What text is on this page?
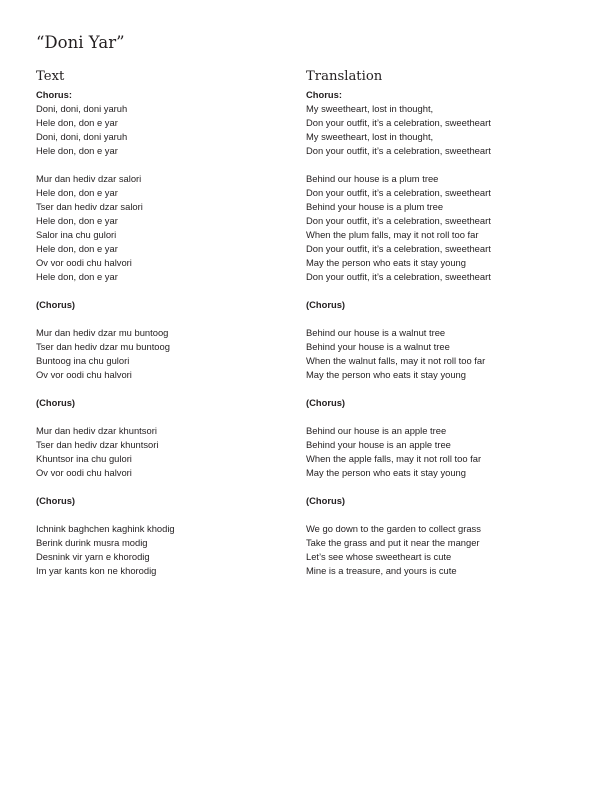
“Doni Yar”
Text
Chorus:
Doni, doni, doni yaruh
Hele don, don e yar
Doni, doni, doni yaruh
Hele don, don e yar
Mur dan hediv dzar salori
Hele don, don e yar
Tser dan hediv dzar salori
Hele don, don e yar
Salor ina chu gulori
Hele don, don e yar
Ov vor oodi chu halvori
Hele don, don e yar
(Chorus)
Mur dan hediv dzar mu buntoog
Tser dan hediv dzar mu buntoog
Buntoog ina chu gulori
Ov vor oodi chu halvori
(Chorus)
Mur dan hediv dzar khuntsori
Tser dan hediv dzar khuntsori
Khuntsor ina chu gulori
Ov vor oodi chu halvori
(Chorus)
Ichnink baghchen kaghink khodig
Berink durink musra modig
Desnink vir yarn e khorodig
Im yar kants kon ne khorodig
Translation
Chorus:
My sweetheart, lost in thought,
Don your outfit, it’s a celebration, sweetheart
My sweetheart, lost in thought,
Don your outfit, it’s a celebration, sweetheart
Behind our house is a plum tree
Don your outfit, it’s a celebration, sweetheart
Behind your house is a plum tree
Don your outfit, it’s a celebration, sweetheart
When the plum falls, may it not roll too far
Don your outfit, it’s a celebration, sweetheart
May the person who eats it stay young
Don your outfit, it’s a celebration, sweetheart
(Chorus)
Behind our house is a walnut tree
Behind your house is a walnut tree
When the walnut falls, may it not roll too far
May the person who eats it stay young
(Chorus)
Behind our house is an apple tree
Behind your house is an apple tree
When the apple falls, may it not roll too far
May the person who eats it stay young
(Chorus)
We go down to the garden to collect grass
Take the grass and put it near the manger
Let’s see whose sweetheart is cute
Mine is a treasure, and yours is cute
